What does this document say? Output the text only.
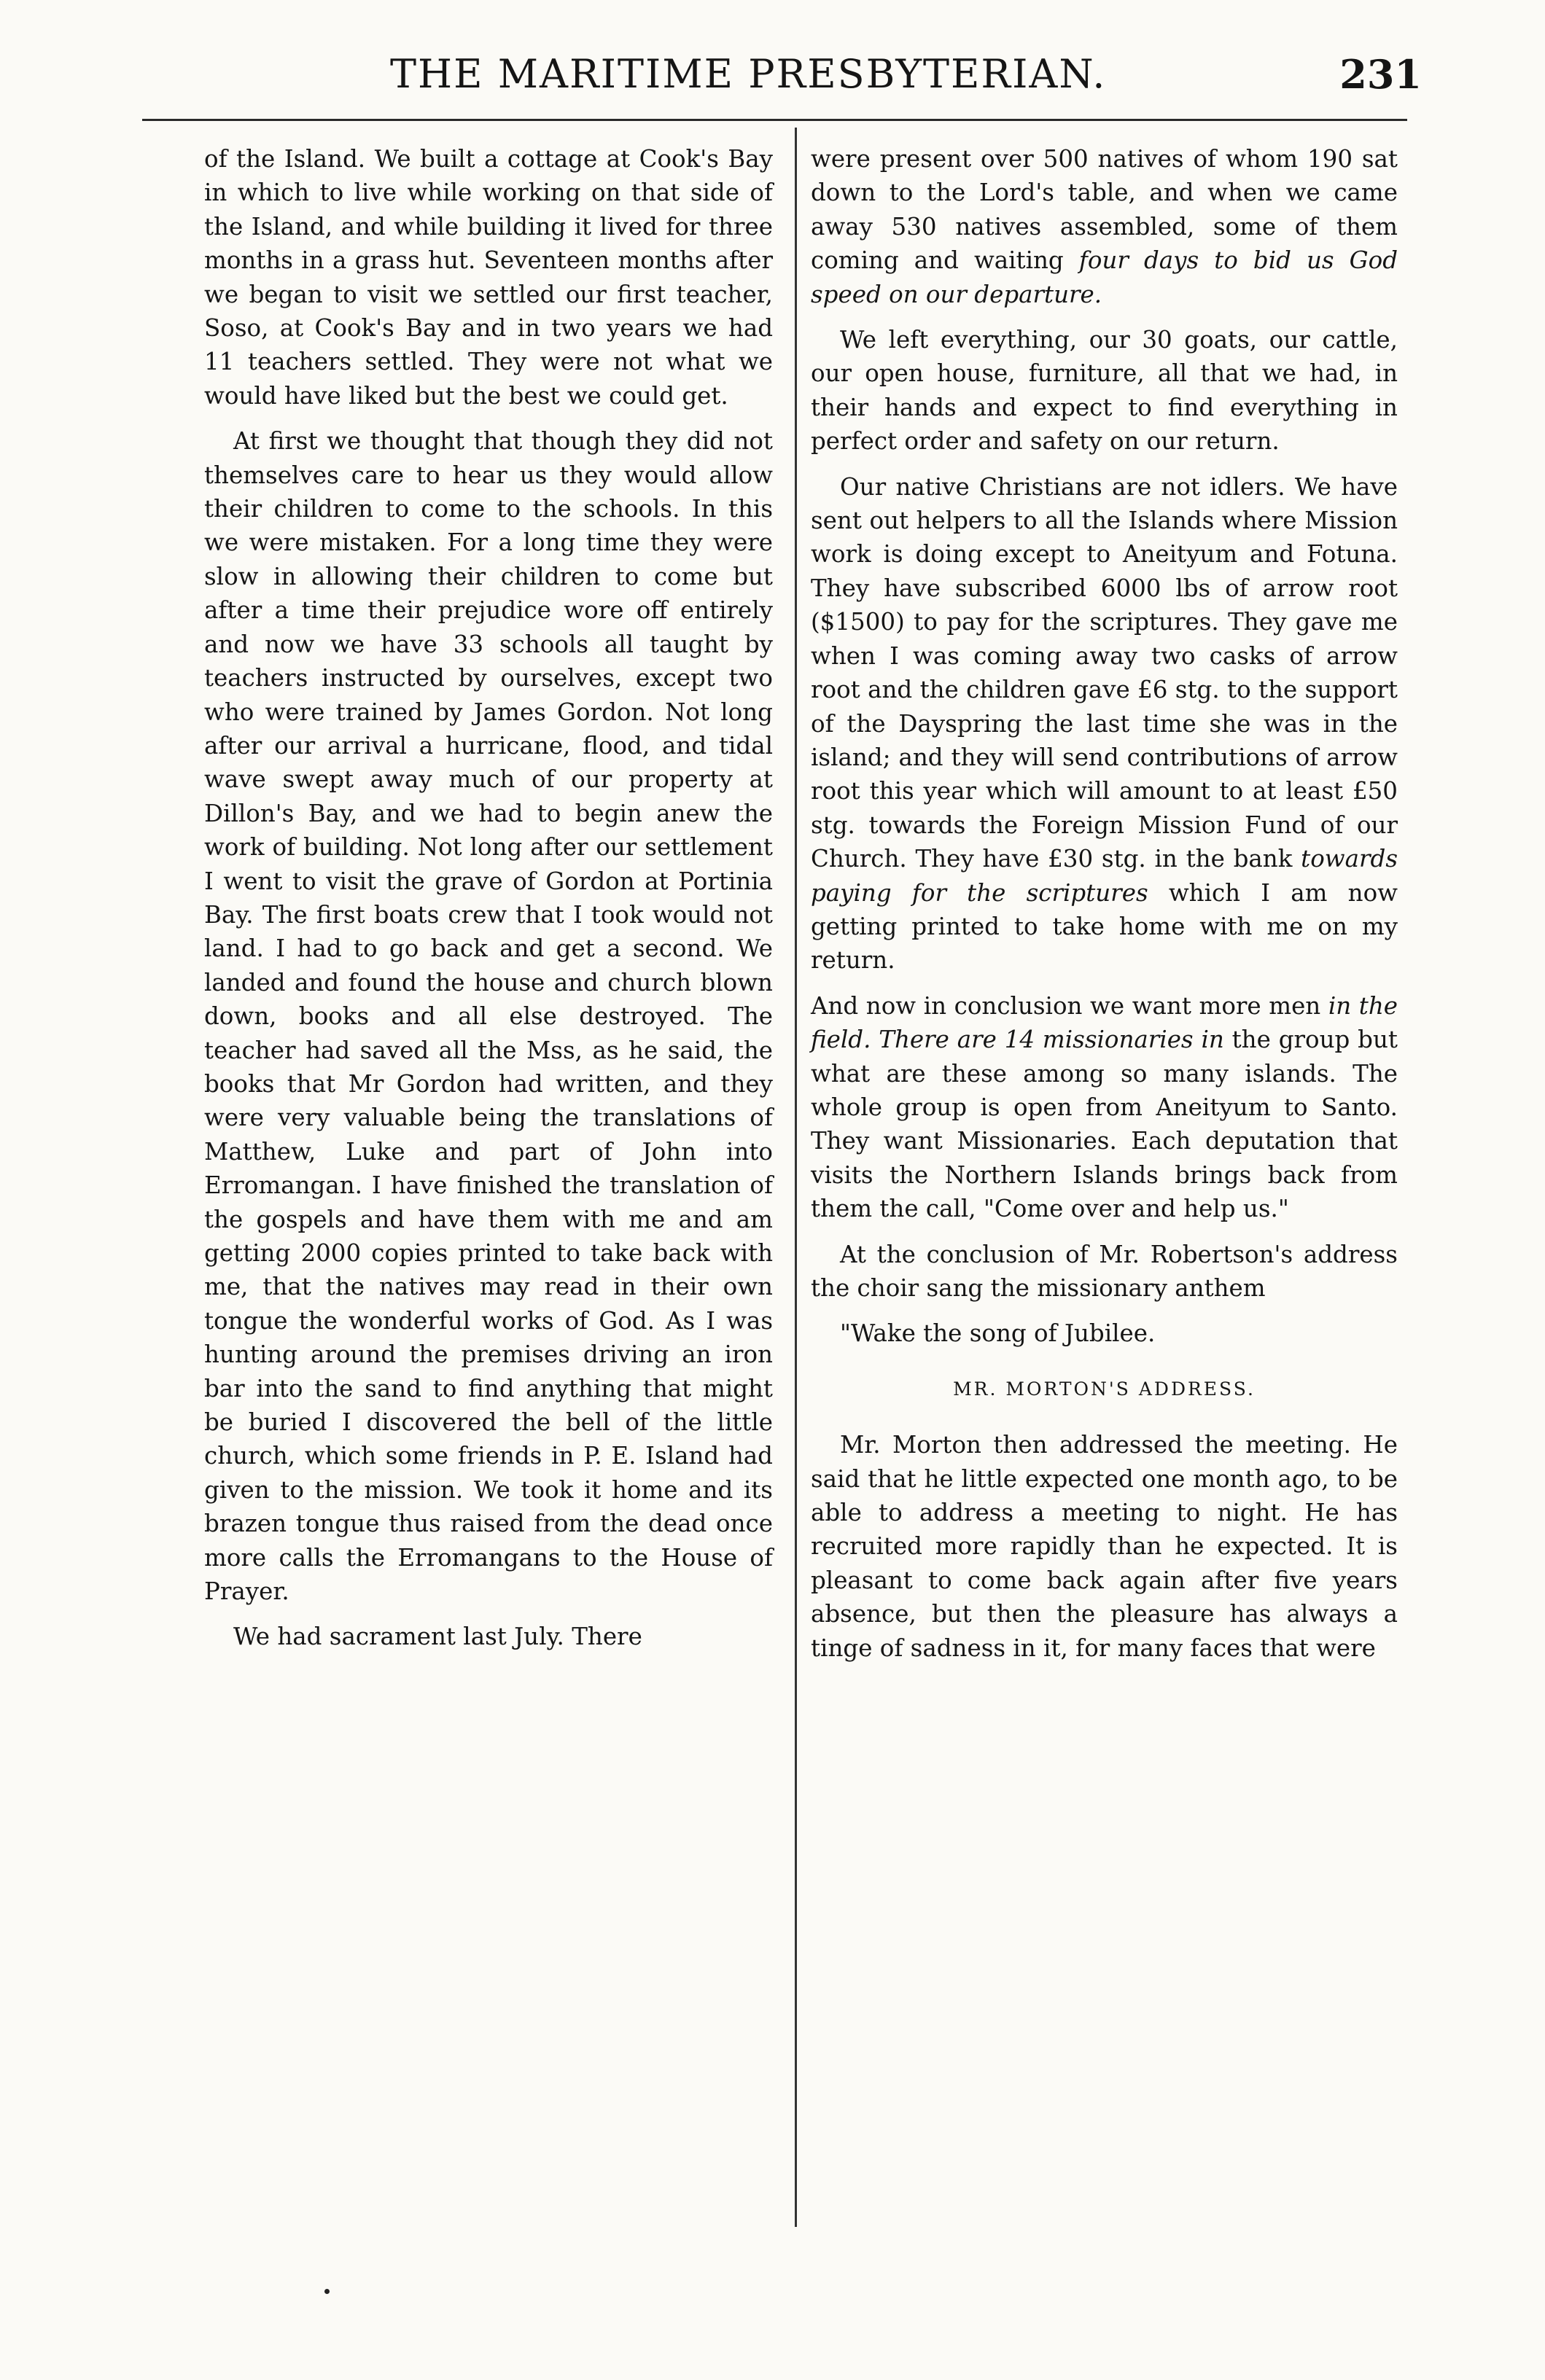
THE MARITIME PRESBYTERIAN.	231

of the Island. We built a cottage at Cook's Bay in which to live while working on that side of the Island, and while building it lived for three months in a grass hut. Seventeen months after we began to visit we settled our first teacher, Soso, at Cook's Bay and in two years we had 11 teachers settled. They were not what we would have liked but the best we could get.

At first we thought that though they did not themselves care to hear us they would allow their children to come to the schools. In this we were mistaken. For a long time they were slow in allowing their children to come but after a time their prejudice wore off entirely and now we have 33 schools all taught by teachers instructed by ourselves, except two who were trained by James Gordon. Not long after our arrival a hurricane, flood, and tidal wave swept away much of our property at Dillon's Bay, and we had to begin anew the work of building. Not long after our settlement I went to visit the grave of Gordon at Portinia Bay. The first boats crew that I took would not land. I had to go back and get a second. We landed and found the house and church blown down, books and all else destroyed. The teacher had saved all the Mss, as he said, the books that Mr Gordon had written, and they were very valuable being the translations of Matthew, Luke and part of John into Erromangan. I have finished the translation of the gospels and have them with me and am getting 2000 copies printed to take back with me, that the natives may read in their own tongue the wonderful works of God. As I was hunting around the premises driving an iron bar into the sand to find anything that might be buried I discovered the bell of the little church, which some friends in P. E. Island had given to the mission. We took it home and its brazen tongue thus raised from the dead once more calls the Erromangans to the House of Prayer.

We had sacrament last July. There

were present over 500 natives of whom 190 sat down to the Lord's table, and when we came away 530 natives assembled, some of them coming and waiting four days to bid us God speed on our departure.

We left everything, our 30 goats, our cattle, our open house, furniture, all that we had, in their hands and expect to find everything in perfect order and safety on our return.

Our native Christians are not idlers. We have sent out helpers to all the Islands where Mission work is doing except to Aneityum and Fotuna. They have subscribed 6000 lbs of arrow root ($1500) to pay for the scriptures. They gave me when I was coming away two casks of arrow root and the children gave £6 stg. to the support of the Dayspring the last time she was in the island; and they will send contributions of arrow root this year which will amount to at least £50 stg. towards the Foreign Mission Fund of our Church. They have £30 stg. in the bank towards paying for the scriptures which I am now getting printed to take home with me on my return.

And now in conclusion we want more men in the field. There are 14 missionaries in the group but what are these among so many islands. The whole group is open from Aneityum to Santo. They want Missionaries. Each deputation that visits the Northern Islands brings back from them the call, "Come over and help us."

At the conclusion of Mr. Robertson's address the choir sang the missionary anthem

"Wake the song of Jubilee.

MR. MORTON'S ADDRESS.

Mr. Morton then addressed the meeting. He said that he little expected one month ago, to be able to address a meeting to night. He has recruited more rapidly than he expected. It is pleasant to come back again after five years absence, but then the pleasure has always a tinge of sadness in it, for many faces that were
